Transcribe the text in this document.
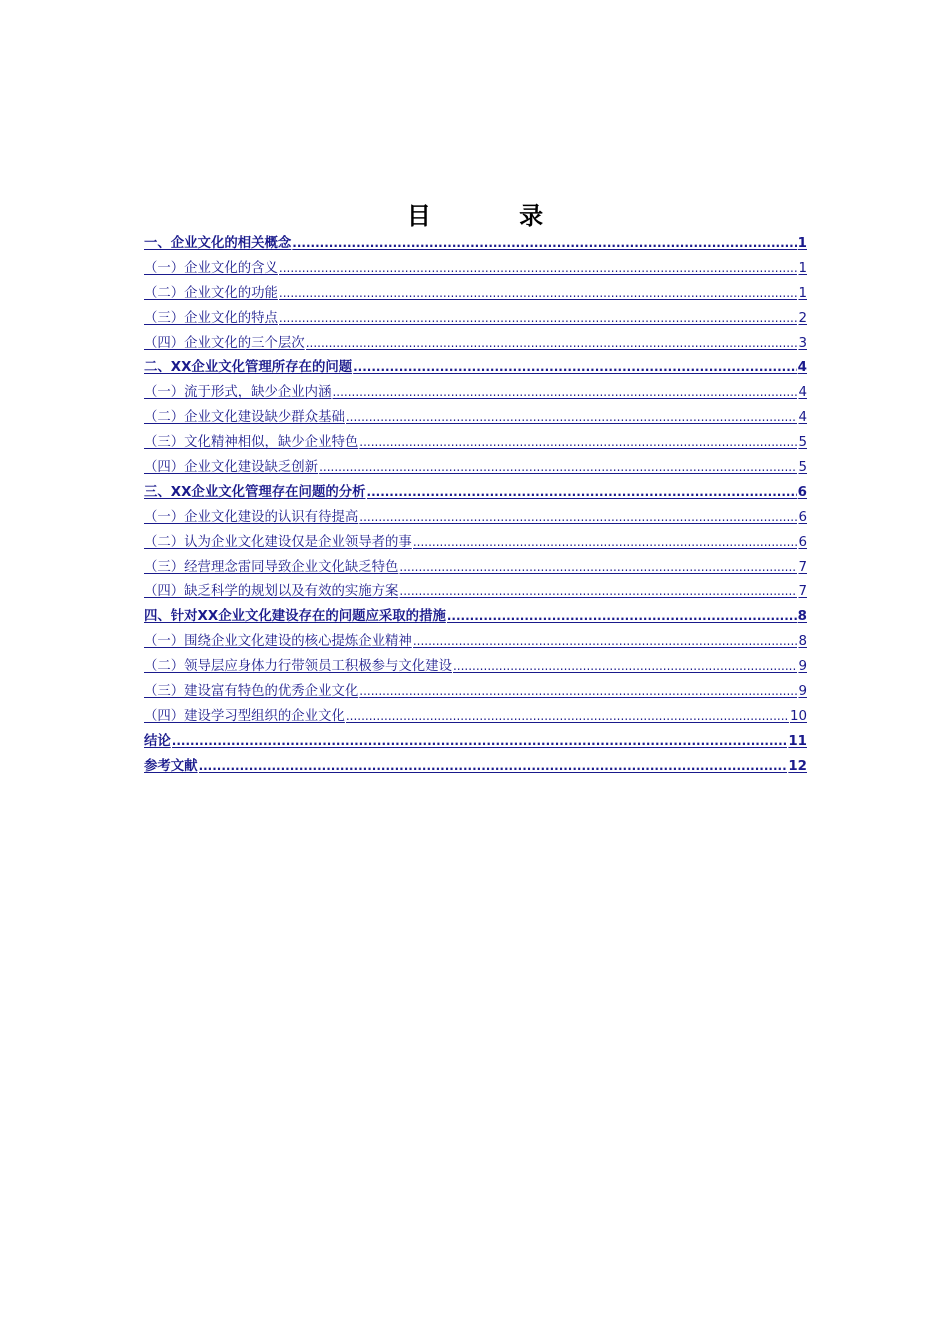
目 录
一、企业文化的相关概念 .....	1
（一）企业文化的含义 .....	1
（二）企业文化的功能 .....	1
（三）企业文化的特点 .....	2
（四）企业文化的三个层次 .....	3
二、XX企业文化管理所存在的问题 .....	4
（一）流于形式，缺少企业内涵 .....	4
（二）企业文化建设缺少群众基础 .....	4
（三）文化精神相似，缺少企业特色 .....	5
（四）企业文化建设缺乏创新 .....	5
三、XX企业文化管理存在问题的分析 .....	6
（一）企业文化建设的认识有待提高 .....	6
（二）认为企业文化建设仅是企业领导者的事 .....	6
（三）经营理念雷同导致企业文化缺乏特色 .....	7
（四）缺乏科学的规划以及有效的实施方案 .....	7
四、针对XX企业文化建设存在的问题应采取的措施 .....	8
（一）围绕企业文化建设的核心提炼企业精神 .....	8
（二）领导层应身体力行带领员工积极参与文化建设 .....	9
（三）建设富有特色的优秀企业文化 .....	9
（四）建设学习型组织的企业文化 .....	10
结论 .....	11
参考文献 .....	12
